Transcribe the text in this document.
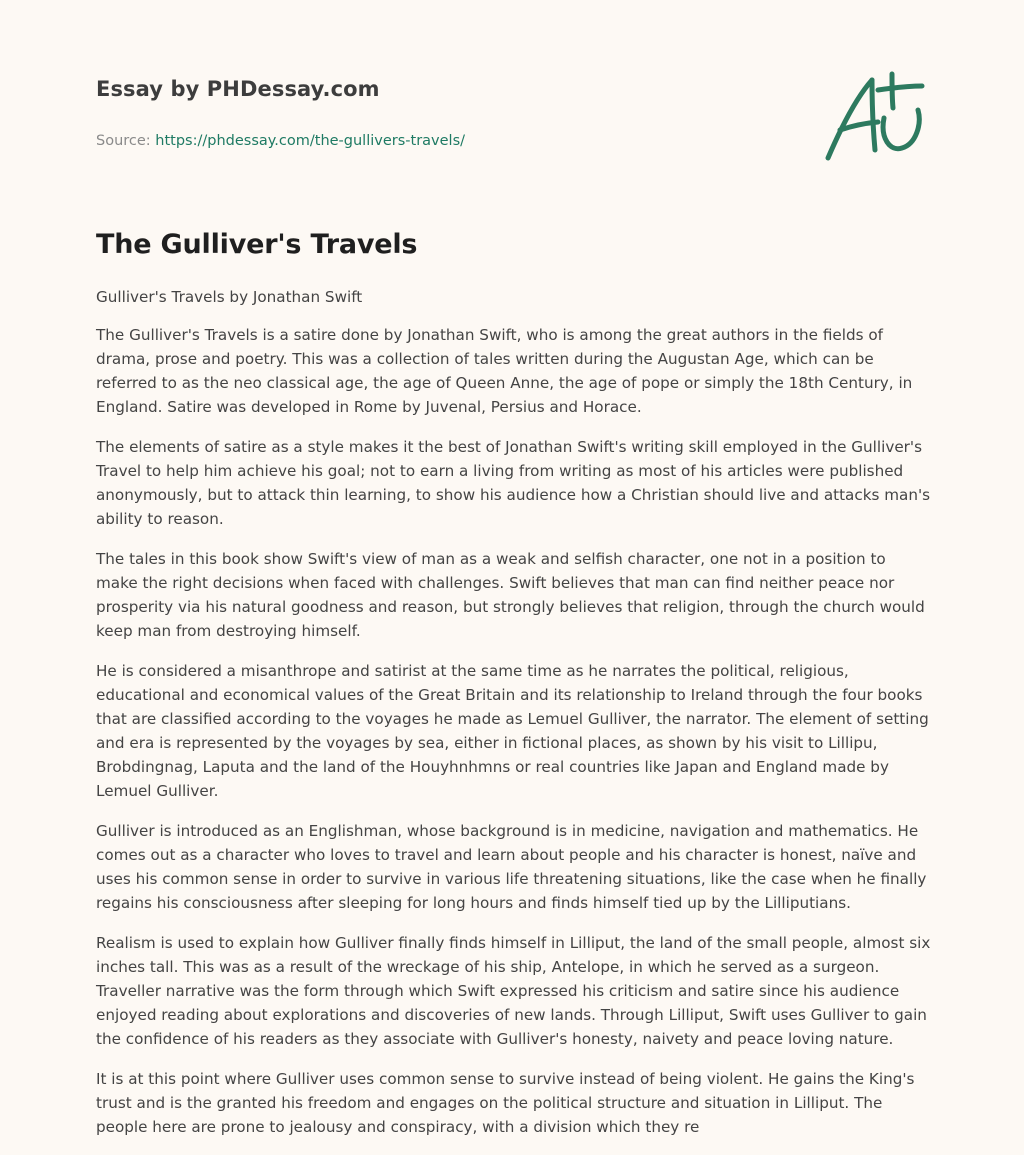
Essay by PHDessay.com
Source: https://phdessay.com/the-gullivers-travels/
The Gulliver's Travels

Gulliver's Travels by Jonathan Swift

The Gulliver's Travels is a satire done by Jonathan Swift, who is among the great authors in the fields of drama, prose and poetry. This was a collection of tales written during the Augustan Age, which can be referred to as the neo classical age, the age of Queen Anne, the age of pope or simply the 18th Century, in England. Satire was developed in Rome by Juvenal, Persius and Horace.

The elements of satire as a style makes it the best of Jonathan Swift's writing skill employed in the Gulliver's Travel to help him achieve his goal; not to earn a living from writing as most of his articles were published anonymously, but to attack thin learning, to show his audience how a Christian should live and attacks man's ability to reason.

The tales in this book show Swift's view of man as a weak and selfish character, one not in a position to make the right decisions when faced with challenges. Swift believes that man can find neither peace nor prosperity via his natural goodness and reason, but strongly believes that religion, through the church would keep man from destroying himself.

He is considered a misanthrope and satirist at the same time as he narrates the political, religious, educational and economical values of the Great Britain and its relationship to Ireland through the four books that are classified according to the voyages he made as Lemuel Gulliver, the narrator. The element of setting and era is represented by the voyages by sea, either in fictional places, as shown by his visit to Lillipu, Brobdingnag, Laputa and the land of the Houyhnhmns or real countries like Japan and England made by Lemuel Gulliver.

Gulliver is introduced as an Englishman, whose background is in medicine, navigation and mathematics. He comes out as a character who loves to travel and learn about people and his character is honest, naïve and uses his common sense in order to survive in various life threatening situations, like the case when he finally regains his consciousness after sleeping for long hours and finds himself tied up by the Lilliputians.

Realism is used to explain how Gulliver finally finds himself in Lilliput, the land of the small people, almost six inches tall. This was as a result of the wreckage of his ship, Antelope, in which he served as a surgeon. Traveller narrative was the form through which Swift expressed his criticism and satire since his audience enjoyed reading about explorations and discoveries of new lands. Through Lilliput, Swift uses Gulliver to gain the confidence of his readers as they associate with Gulliver's honesty, naivety and peace loving nature.

It is at this point where Gulliver uses common sense to survive instead of being violent. He gains the King's trust and is the granted his freedom and engages on the political structure and situation in Lilliput. The people here are prone to jealousy and conspiracy, with a division which they re
